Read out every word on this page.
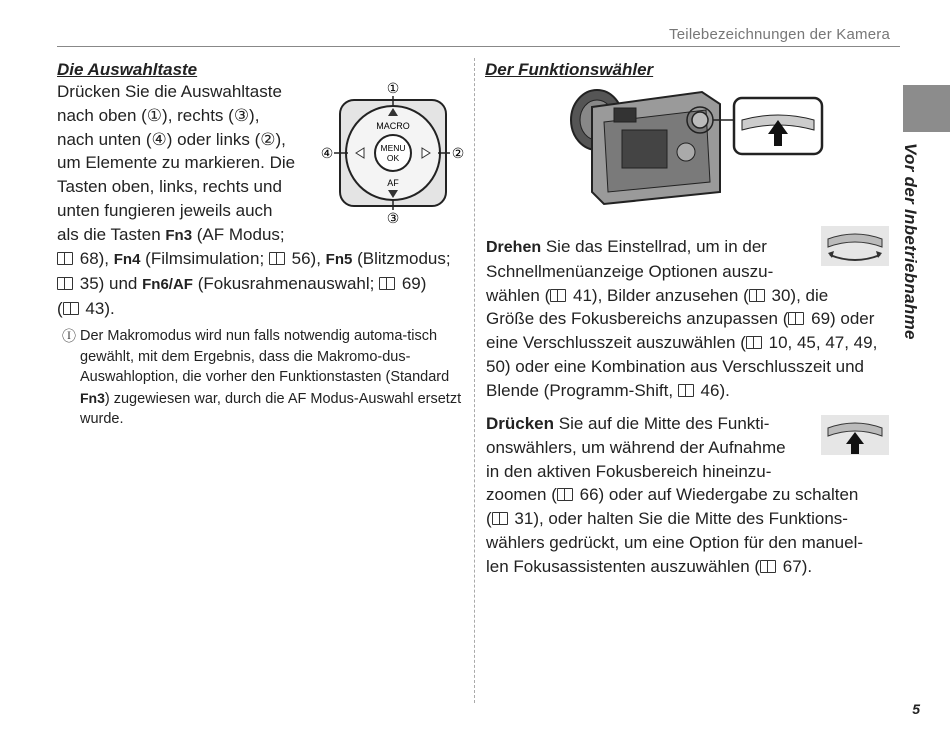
Teilebezeichnungen der Kamera
Vor der Inbetriebnahme
Die Auswahltaste
Drücken Sie die Auswahltaste
nach oben (①), rechts (③),
nach unten (④) oder links (②),
um Elemente zu markieren. Die
Tasten oben, links, rechts und
unten fungieren jeweils auch
als die Tasten Fn3 (AF Modus;
68), Fn4 (Filmsimulation;  56), Fn5 (Blitzmodus;
35) und Fn6/AF (Fokusrahmenauswahl;  69)
( 43).
Ⓘ Der Makromodus wird nun falls notwendig automa-tisch gewählt, mit dem Ergebnis, dass die Makromo-dus-Auswahloption, die vorher den Funktionstasten (Standard Fn3) zugewiesen war, durch die AF Modus-Auswahl ersetzt wurde.
MENU
OK
MACRO
AF
①
③
④	②
Der Funktionswähler
Drehen Sie das Einstellrad, um in der
Schnellmenüanzeige Optionen auszu-
wählen ( 41), Bilder anzusehen ( 30), die
Größe des Fokusbereichs anzupassen ( 69) oder
eine Verschlusszeit auszuwählen ( 10, 45, 47, 49,
50) oder eine Kombination aus Verschlusszeit und
Blende (Programm-Shift,  46).
Drücken Sie auf die Mitte des Funkti-
onswählers, um während der Aufnahme
in den aktiven Fokusbereich hineinzu-
zoomen ( 66) oder auf Wiedergabe zu schalten
( 31), oder halten Sie die Mitte des Funktions-
wählers gedrückt, um eine Option für den manuel-
len Fokusassistenten auszuwählen ( 67).
5
